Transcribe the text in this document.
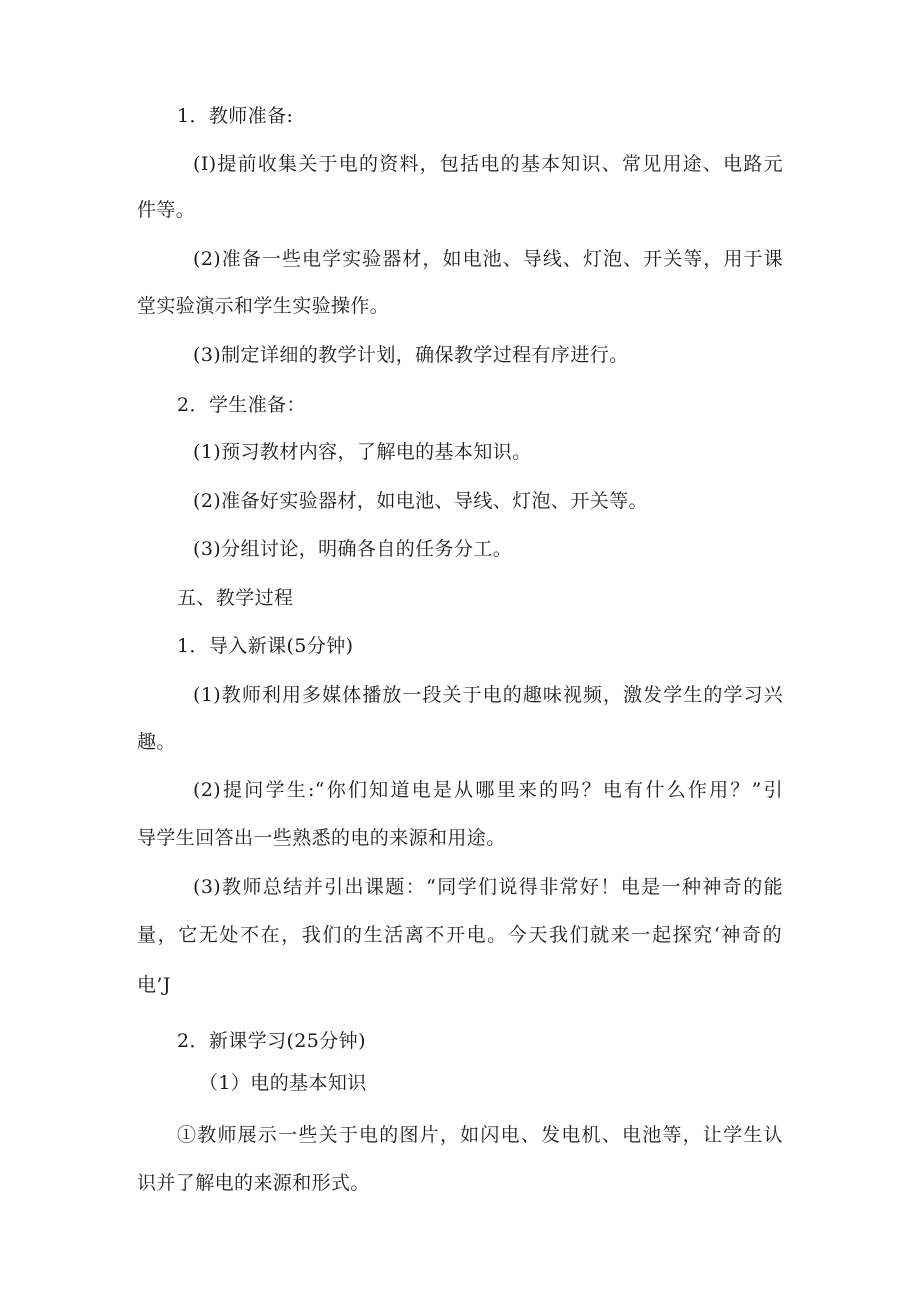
1．教师准备:
(I)提前收集关于电的资料，包括电的基本知识、常见用途、电路元
件等。
(2)准备一些电学实验器材，如电池、导线、灯泡、开关等，用于课
堂实验演示和学生实验操作。
(3)制定详细的教学计划，确保教学过程有序进行。
2．学生准备：
(1)预习教材内容，了解电的基本知识。
(2)准备好实验器材，如电池、导线、灯泡、开关等。
(3)分组讨论，明确各自的任务分工。
五、教学过程
1．导入新课(5分钟)
(1)教师利用多媒体播放一段关于电的趣味视频，激发学生的学习兴
趣。
(2)提问学生:“你们知道电是从哪里来的吗？电有什么作用？”引
导学生回答出一些熟悉的电的来源和用途。
(3)教师总结并引出课题：“同学们说得非常好！电是一种神奇的能
量，它无处不在，我们的生活离不开电。今天我们就来一起探究‘神奇的
电’J
2．新课学习(25分钟)
（1）电的基本知识
①教师展示一些关于电的图片，如闪电、发电机、电池等，让学生认
识并了解电的来源和形式。
